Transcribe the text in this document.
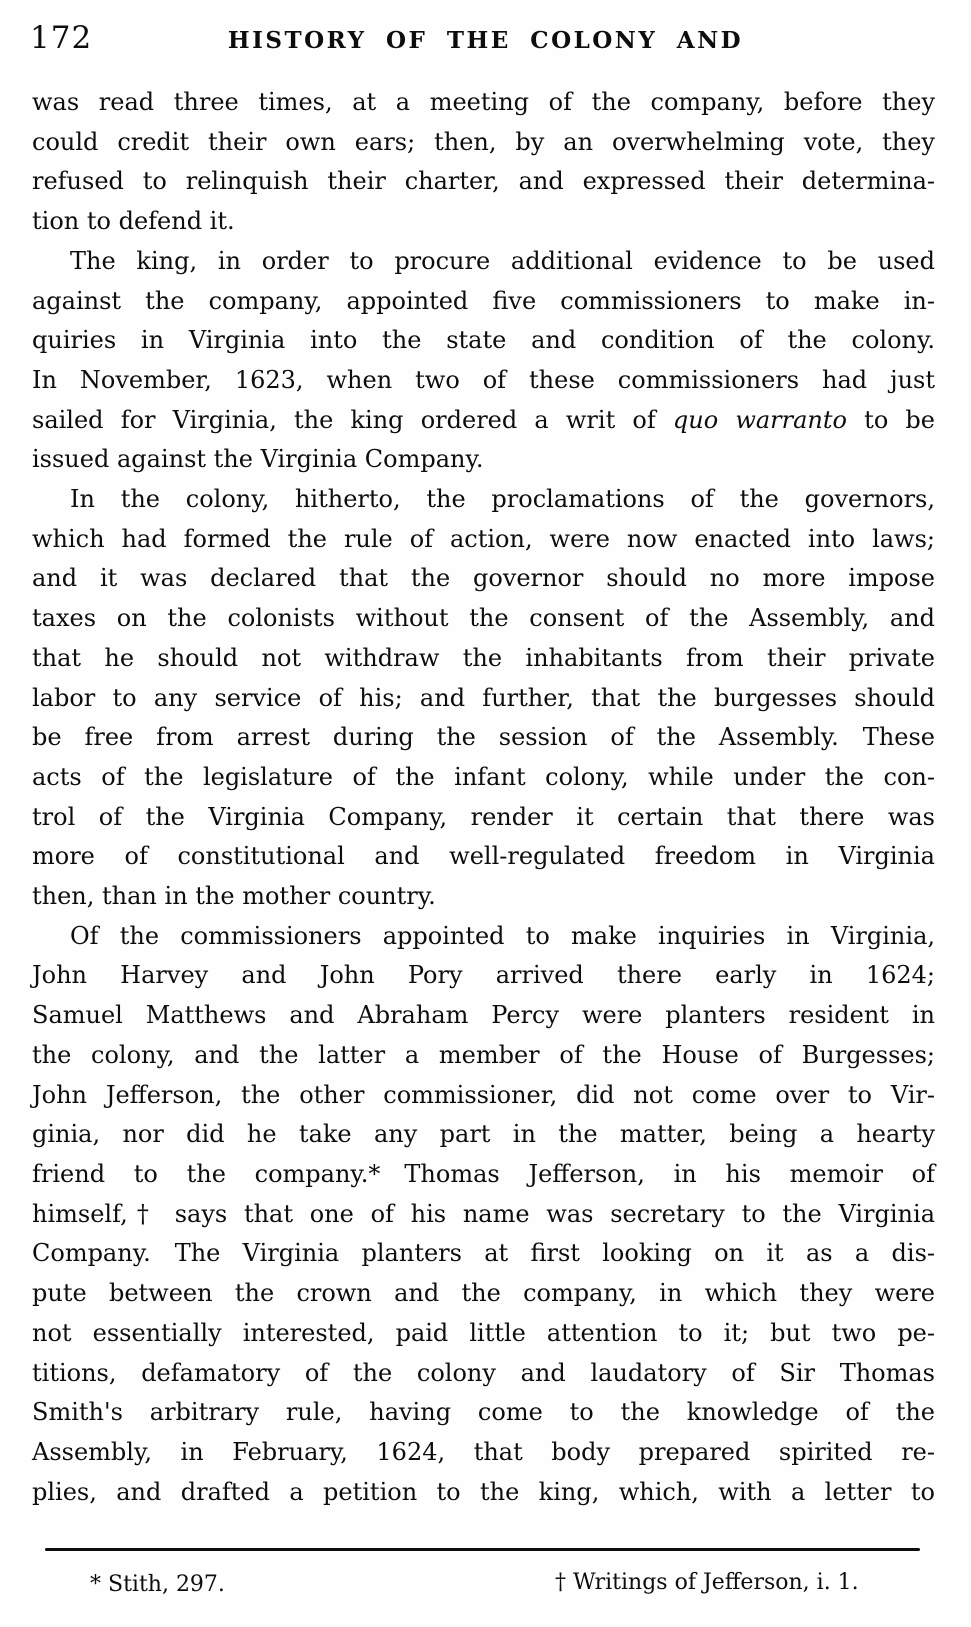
172	HISTORY OF THE COLONY AND
was read three times, at a meeting of the company, before they
could credit their own ears; then, by an overwhelming vote, they
refused to relinquish their charter, and expressed their determina-
tion to defend it.
The king, in order to procure additional evidence to be used
against the company, appointed five commissioners to make in-
quiries in Virginia into the state and condition of the colony.
In November, 1623, when two of these commissioners had just
sailed for Virginia, the king ordered a writ of quo warranto to be
issued against the Virginia Company.
In the colony, hitherto, the proclamations of the governors,
which had formed the rule of action, were now enacted into laws;
and it was declared that the governor should no more impose
taxes on the colonists without the consent of the Assembly, and
that he should not withdraw the inhabitants from their private
labor to any service of his; and further, that the burgesses should
be free from arrest during the session of the Assembly. These
acts of the legislature of the infant colony, while under the con-
trol of the Virginia Company, render it certain that there was
more of constitutional and well-regulated freedom in Virginia
then, than in the mother country.
Of the commissioners appointed to make inquiries in Virginia,
John Harvey and John Pory arrived there early in 1624;
Samuel Matthews and Abraham Percy were planters resident in
the colony, and the latter a member of the House of Burgesses;
John Jefferson, the other commissioner, did not come over to Vir-
ginia, nor did he take any part in the matter, being a hearty
friend to the company.* Thomas Jefferson, in his memoir of
himself,† says that one of his name was secretary to the Virginia
Company. The Virginia planters at first looking on it as a dis-
pute between the crown and the company, in which they were
not essentially interested, paid little attention to it; but two pe-
titions, defamatory of the colony and laudatory of Sir Thomas
Smith's arbitrary rule, having come to the knowledge of the
Assembly, in February, 1624, that body prepared spirited re-
plies, and drafted a petition to the king, which, with a letter to
* Stith, 297.	† Writings of Jefferson, i. 1.
